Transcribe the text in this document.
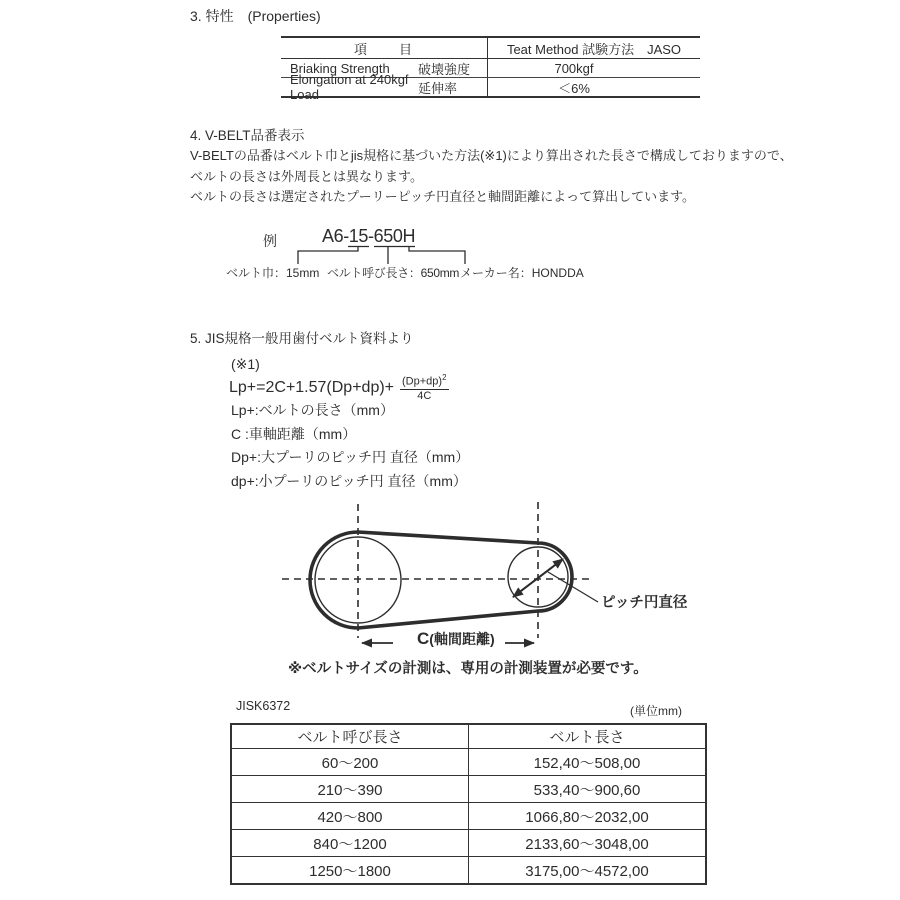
3. 特性　(Properties)
項　　目	Teat Method 試験方法　JASO
Briaking Strength	破壊強度	700kgf
Elongation at 240kgf Load	延伸率	＜6%
4. V-BELT品番表示
V-BELTの品番はベルト巾とjis規格に基づいた方法(※1)により算出された長さで構成しておりますので、
ベルトの長さは外周長とは異なります。
ベルトの長さは選定されたプーリーピッチ円直径と軸間距離によって算出しています。
例	A6-15-650H
ベルト巾：15mm ベルト呼び長さ：650mm メーカー名：HONDDA
5. JIS規格一般用歯付ベルト資料より
(※1)
$Lp+=2C+1.57(Dp+dp)+ \frac{(Dp+dp)^2}{4C}$
Lp+:ベルトの長さ（mm）
C :車軸距離（mm）
Dp+:大プーリのピッチ円 直径（mm）
dp+:小プーリのピッチ円 直径（mm）
ピッチ円直径
C(軸間距離)
※ベルトサイズの計測は、専用の計測装置が必要です。
JISK6372	(単位mm)
ベルト呼び長さ	ベルト長さ
60〜200	152,40〜508,00
210〜390	533,40〜900,60
420〜800	1066,80〜2032,00
840〜1200	2133,60〜3048,00
1250〜1800	3175,00〜4572,00
